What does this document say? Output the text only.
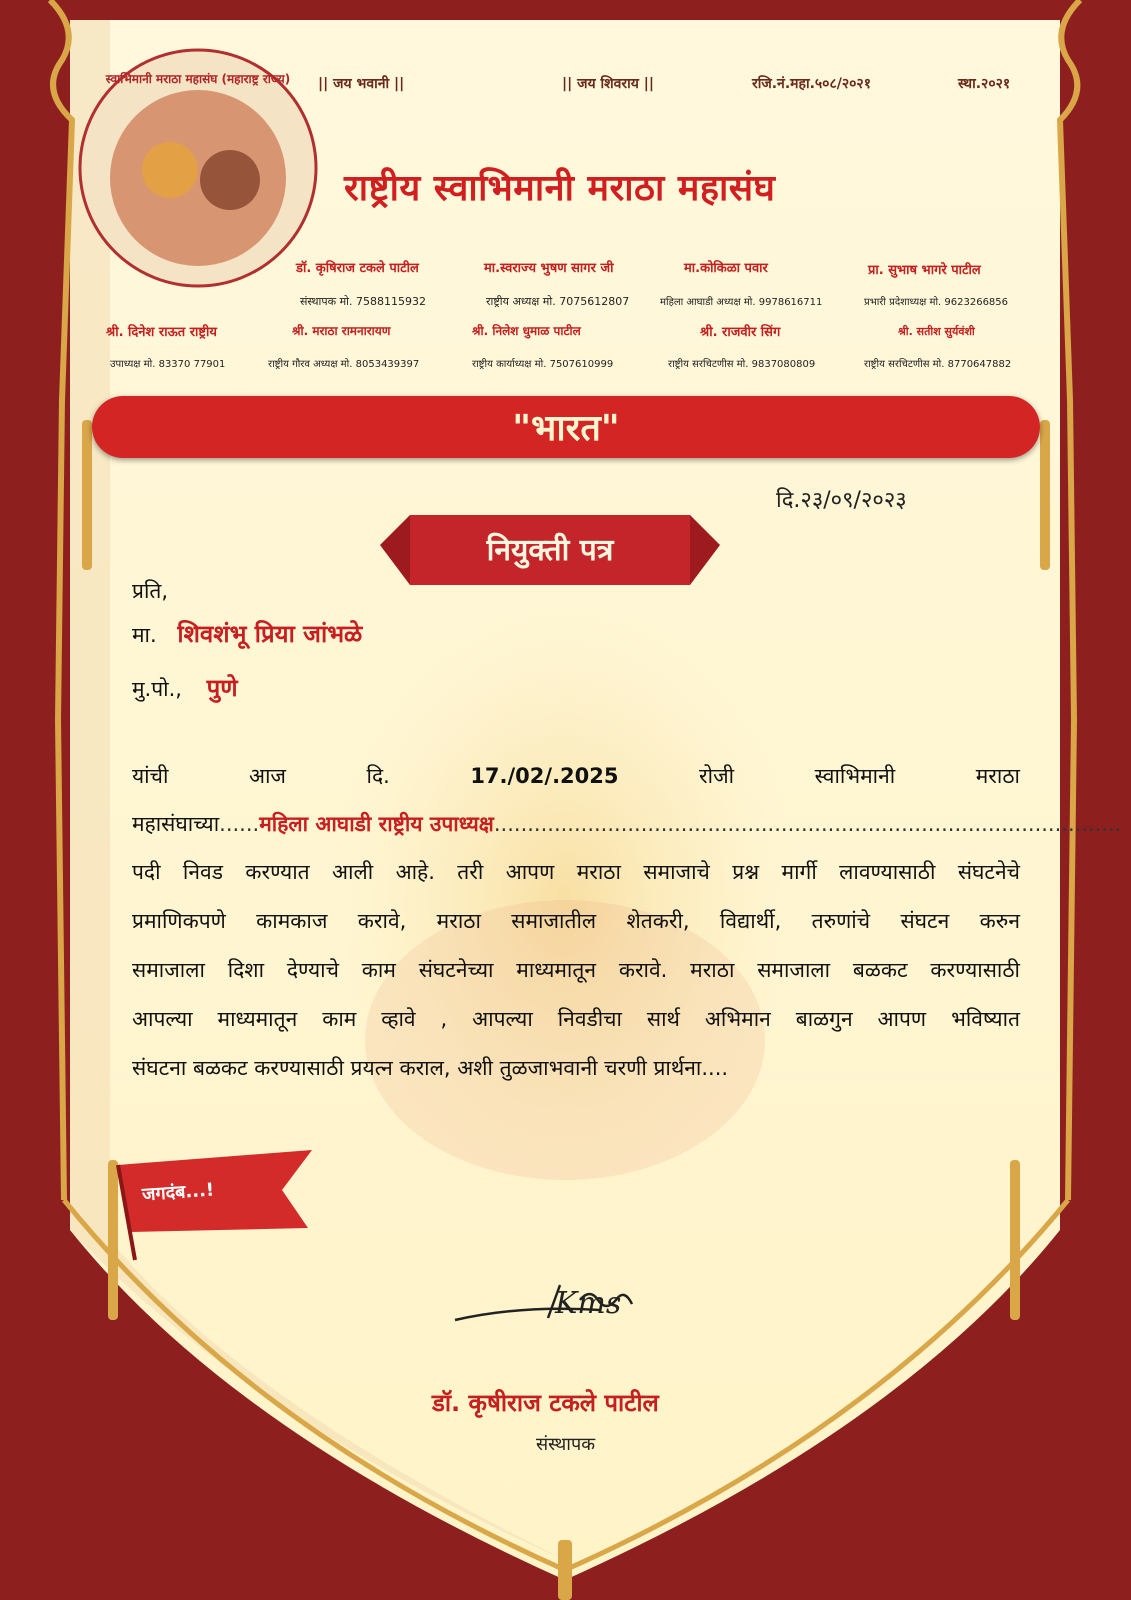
स्वाभिमानी मराठा महासंघ (महाराष्ट्र राज्य)	|| जय भवानी ||	|| जय शिवराय ||	रजि.नं.महा.५०८/२०२१	स्था.२०२१
राष्ट्रीय स्वाभिमानी मराठा महासंघ
डॉ. कृषिराज टकले पाटील
संस्थापक मो. 7588115932
मा.स्वराज्य भुषण सागर जी
राष्ट्रीय अध्यक्ष मो. 7075612807
मा.कोकिळा पवार
महिला आघाडी अध्यक्ष मो. 9978616711
प्रा. सुभाष भागरे पाटील
प्रभारी प्रदेशाध्यक्ष मो. 9623266856
श्री. दिनेश राऊत राष्ट्रीय
उपाध्यक्ष मो. 83370 77901
श्री. मराठा रामनारायण
राष्ट्रीय गौरव अध्यक्ष मो. 8053439397
श्री. निलेश धुमाळ पाटील
राष्ट्रीय कार्याध्यक्ष मो. 7507610999
श्री. राजवीर सिंग
राष्ट्रीय सरचिटणीस मो. 9837080809
श्री. सतीश सुर्यवंशी
राष्ट्रीय सरचिटणीस मो. 8770647882
"भारत"
दि.२३/०९/२०२३
नियुक्ती पत्र
प्रति,
मा. शिवशंभू प्रिया जांभळे
मु.पो., पुणे
यांची	आज	दि.	17./02/.2025	रोजी	स्वाभिमानी	मराठा
महासंघाच्या......महिला आघाडी राष्ट्रीय उपाध्यक्ष..............................................................................................
पदी निवड करण्यात आली आहे. तरी आपण मराठा समाजाचे प्रश्न मार्गी लावण्यासाठी संघटनेचे
प्रमाणिकपणे कामकाज करावे, मराठा समाजातील शेतकरी, विद्यार्थी, तरुणांचे संघटन करुन
समाजाला दिशा देण्याचे काम संघटनेच्या माध्यमातून करावे. मराठा समाजाला बळकट करण्यासाठी
आपल्या माध्यमातून काम व्हावे , आपल्या निवडीचा सार्थ अभिमान बाळगुन आपण भविष्यात
संघटना बळकट करण्यासाठी प्रयत्न कराल, अशी तुळजाभवानी चरणी प्रार्थना....
जगदंब...!
Kms
डॉ. कृषीराज टकले पाटील
संस्थापक
